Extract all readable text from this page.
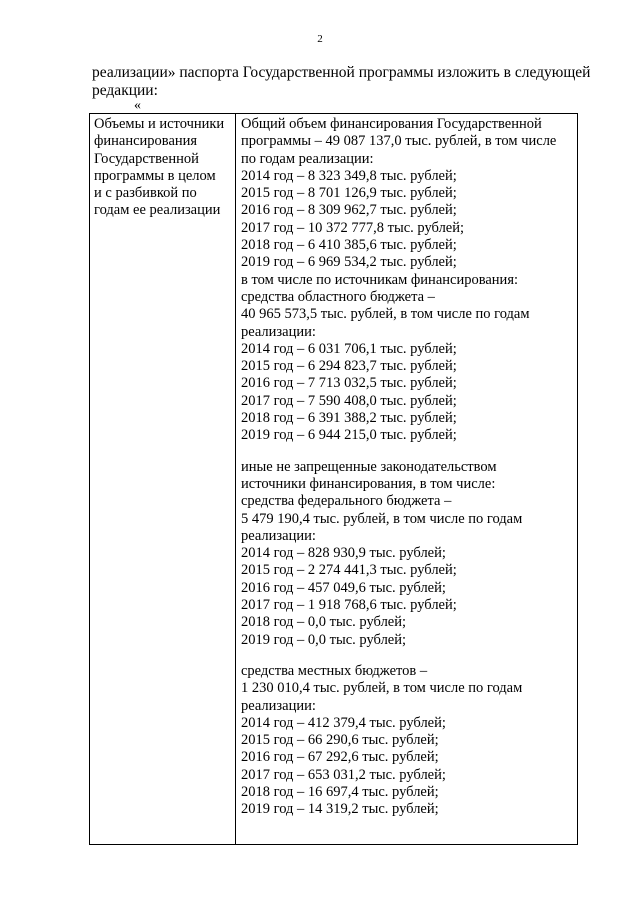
2
реализации» паспорта Государственной программы изложить в следующей
редакции:
«
Объемы и источники
финансирования
Государственной
программы в целом
и с разбивкой по
годам ее реализации
Общий объем финансирования Государственной
программы – 49 087 137,0 тыс. рублей, в том числе
по годам реализации:
2014 год – 8 323 349,8 тыс. рублей;
2015 год – 8 701 126,9 тыс. рублей;
2016 год – 8 309 962,7 тыс. рублей;
2017 год – 10 372 777,8 тыс. рублей;
2018 год – 6 410 385,6 тыс. рублей;
2019 год – 6 969 534,2 тыс. рублей;
в том числе по источникам финансирования:
средства областного бюджета –
40 965 573,5 тыс. рублей, в том числе по годам
реализации:
2014 год – 6 031 706,1 тыс. рублей;
2015 год – 6 294 823,7 тыс. рублей;
2016 год – 7 713 032,5 тыс. рублей;
2017 год – 7 590 408,0 тыс. рублей;
2018 год – 6 391 388,2 тыс. рублей;
2019 год – 6 944 215,0 тыс. рублей;
иные не запрещенные законодательством
источники финансирования, в том числе:
средства федерального бюджета –
5 479 190,4 тыс. рублей, в том числе по годам
реализации:
2014 год – 828 930,9 тыс. рублей;
2015 год – 2 274 441,3 тыс. рублей;
2016 год – 457 049,6 тыс. рублей;
2017 год – 1 918 768,6 тыс. рублей;
2018 год – 0,0 тыс. рублей;
2019 год – 0,0 тыс. рублей;
средства местных бюджетов –
1 230 010,4 тыс. рублей, в том числе по годам
реализации:
2014 год – 412 379,4 тыс. рублей;
2015 год – 66 290,6 тыс. рублей;
2016 год – 67 292,6 тыс. рублей;
2017 год – 653 031,2 тыс. рублей;
2018 год – 16 697,4 тыс. рублей;
2019 год – 14 319,2 тыс. рублей;
